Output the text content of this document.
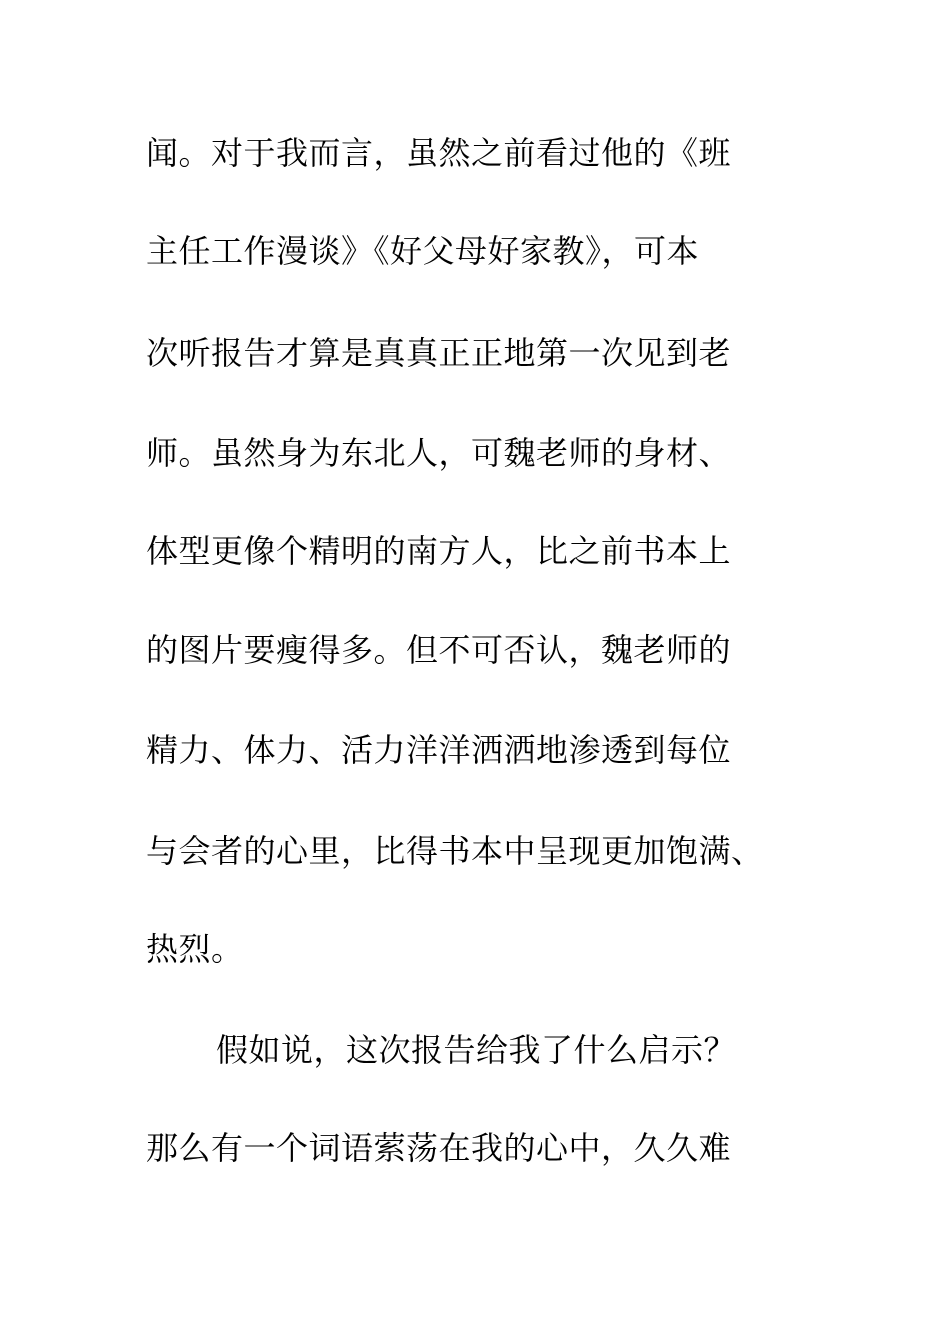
闻。对于我而言，虽然之前看过他的《班
主任工作漫谈》《好父母好家教》，可本
次听报告才算是真真正正地第一次见到老
师。虽然身为东北人，可魏老师的身材、
体型更像个精明的南方人，比之前书本上
的图片要瘦得多。但不可否认，魏老师的
精力、体力、活力洋洋洒洒地渗透到每位
与会者的心里，比得书本中呈现更加饱满、
热烈。
假如说，这次报告给我了什么启示？
那么有一个词语萦荡在我的心中，久久难
